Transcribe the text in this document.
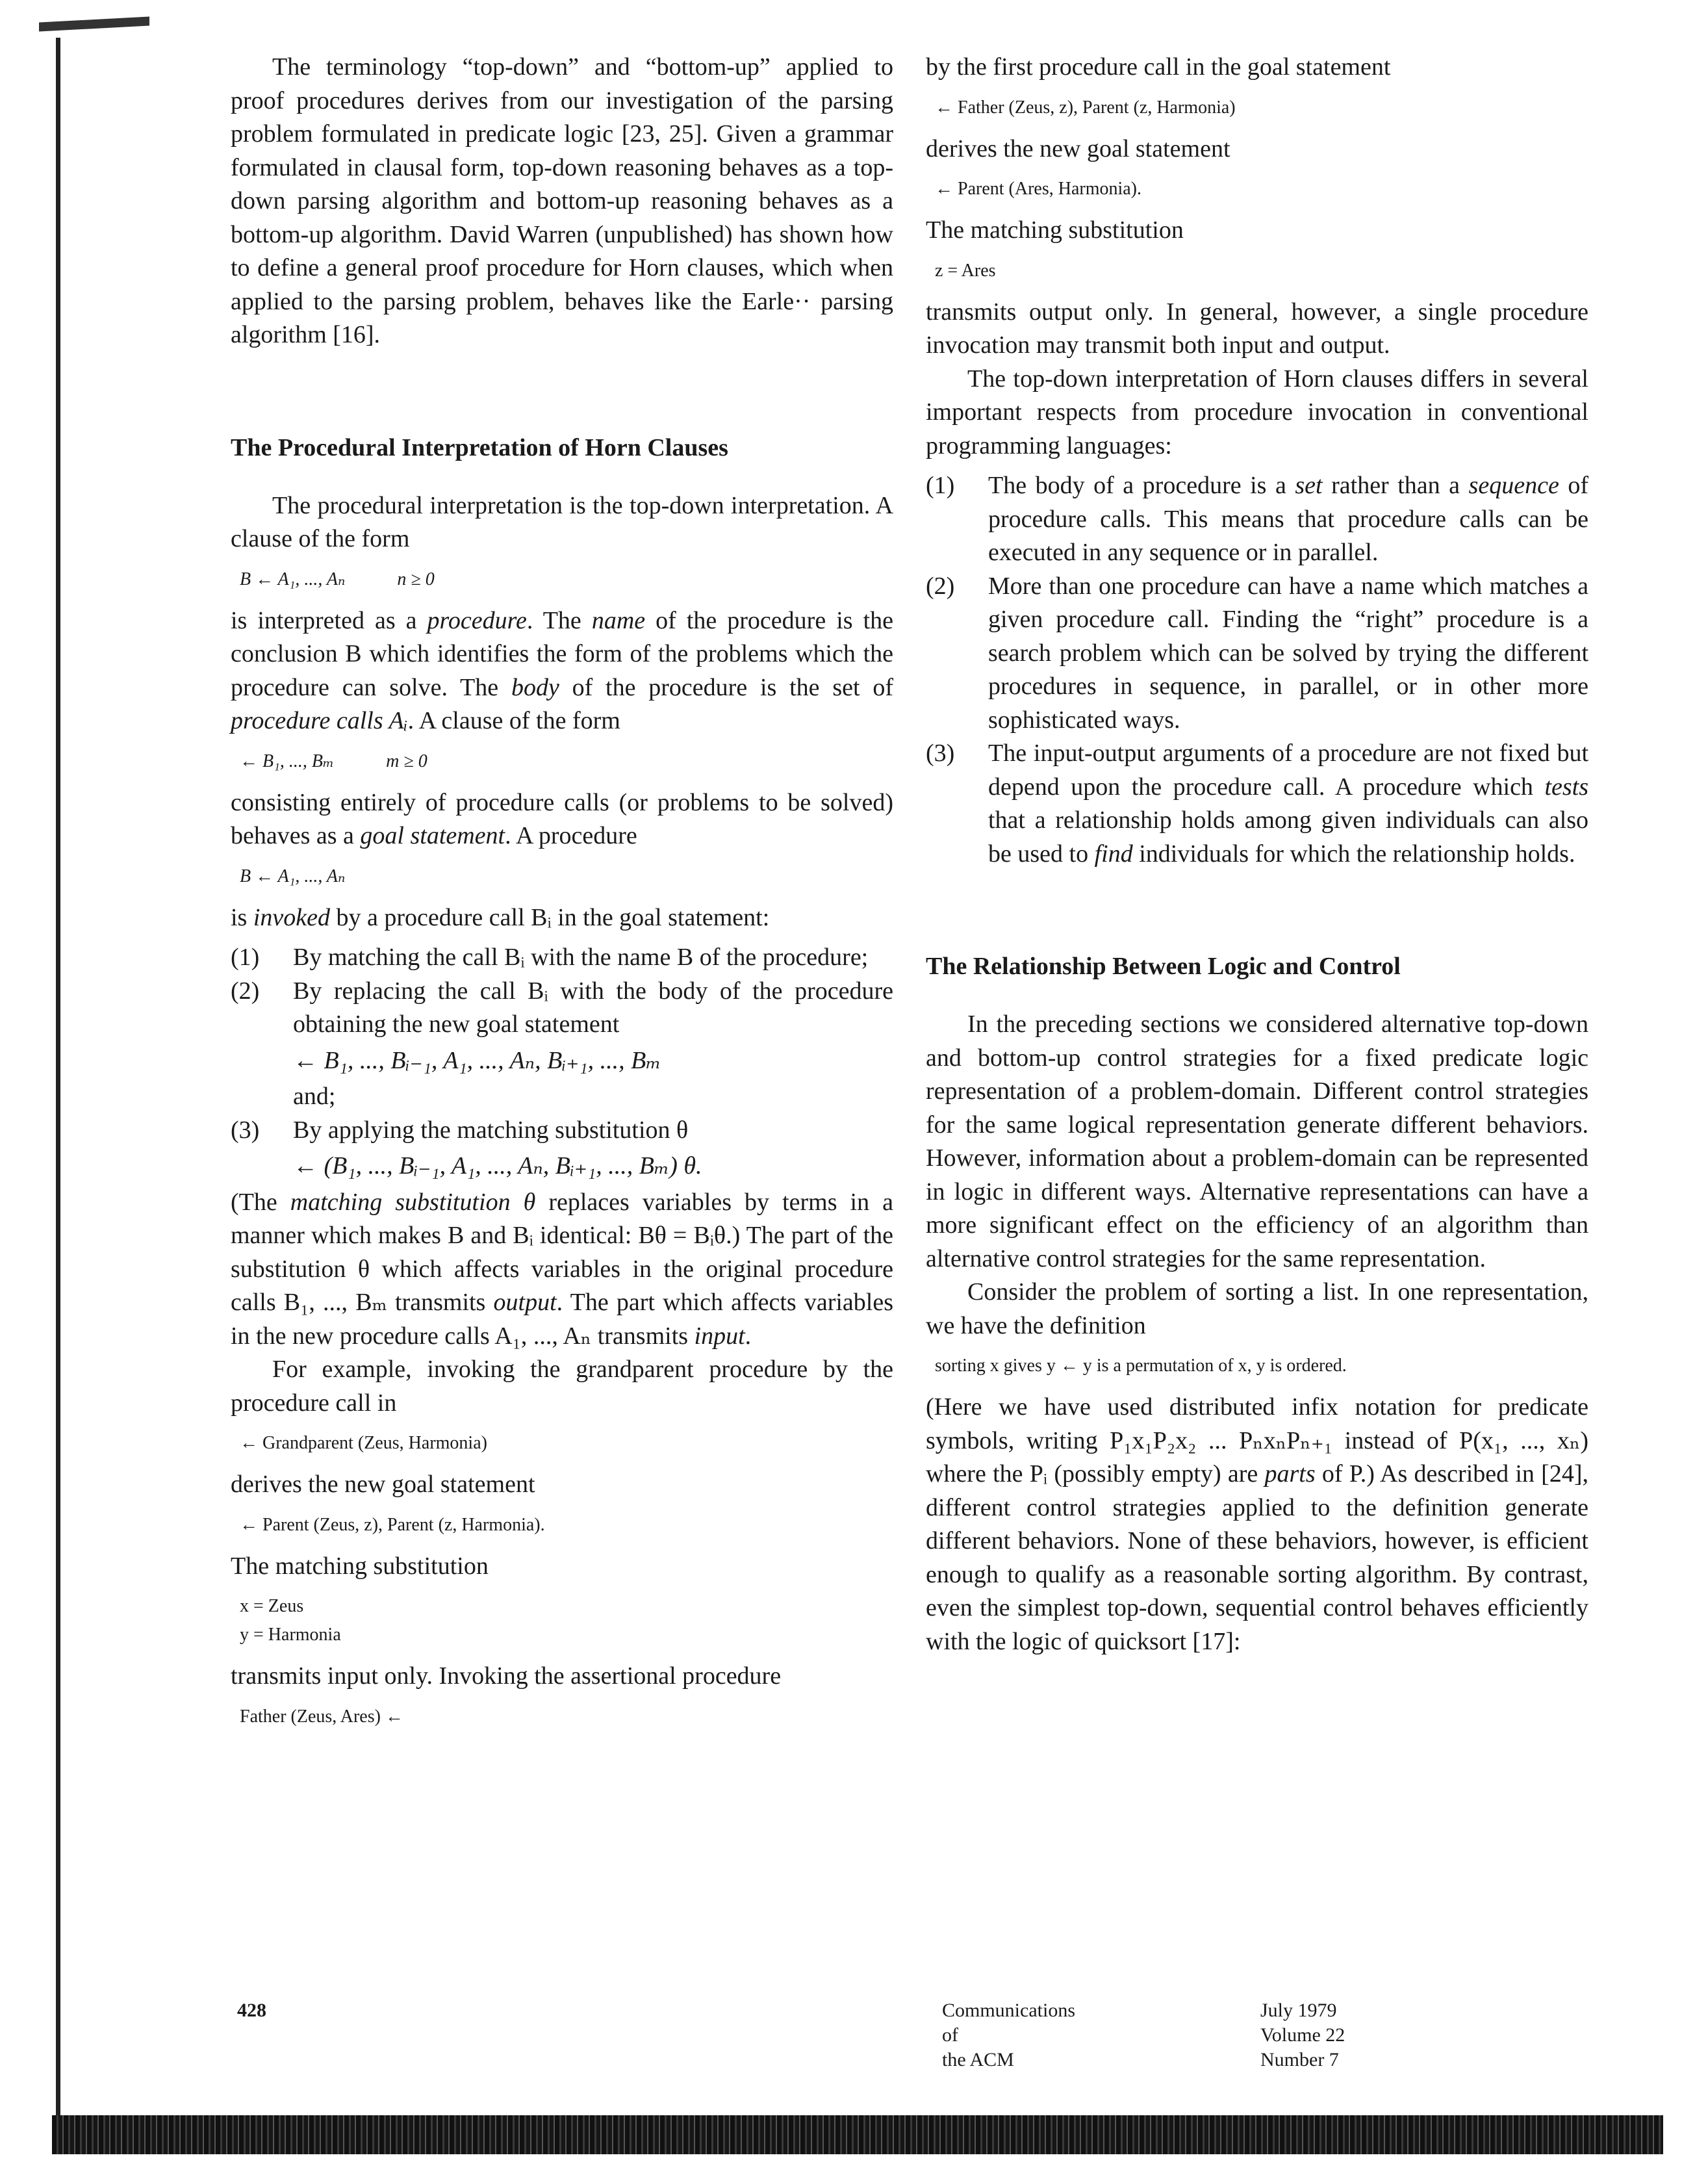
The terminology “top-down” and “bottom-up” applied to proof procedures derives from our investigation of the parsing problem formulated in predicate logic [23, 25]. Given a grammar formulated in clausal form, top-down reasoning behaves as a top-down parsing algorithm and bottom-up reasoning behaves as a bottom-up algorithm. David Warren (unpublished) has shown how to define a general proof procedure for Horn clauses, which when applied to the parsing problem, behaves like the Earle·· parsing algorithm [16].

The Procedural Interpretation of Horn Clauses

The procedural interpretation is the top-down interpretation. A clause of the form

B ← A₁, ..., Aₙ	n ≥ 0

is interpreted as a procedure. The name of the procedure is the conclusion B which identifies the form of the problems which the procedure can solve. The body of the procedure is the set of procedure calls Aᵢ. A clause of the form

← B₁, ..., Bₘ	m ≥ 0

consisting entirely of procedure calls (or problems to be solved) behaves as a goal statement. A procedure

B ← A₁, ..., Aₙ

is invoked by a procedure call Bᵢ in the goal statement:

(1) By matching the call Bᵢ with the name B of the procedure;
(2) By replacing the call Bᵢ with the body of the procedure obtaining the new goal statement
← B₁, ..., Bᵢ₋₁, A₁, ..., Aₙ, Bᵢ₊₁, ..., Bₘ
and;
(3) By applying the matching substitution θ
← (B₁, ..., Bᵢ₋₁, A₁, ..., Aₙ, Bᵢ₊₁, ..., Bₘ) θ.

(The matching substitution θ replaces variables by terms in a manner which makes B and Bᵢ identical: Bθ = Bᵢθ.) The part of the substitution θ which affects variables in the original procedure calls B₁, ..., Bₘ transmits output. The part which affects variables in the new procedure calls A₁, ..., Aₙ transmits input.

For example, invoking the grandparent procedure by the procedure call in

← Grandparent (Zeus, Harmonia)

derives the new goal statement

← Parent (Zeus, z), Parent (z, Harmonia).

The matching substitution

x = Zeus
y = Harmonia

transmits input only. Invoking the assertional procedure

Father (Zeus, Ares) ←

by the first procedure call in the goal statement

← Father (Zeus, z), Parent (z, Harmonia)

derives the new goal statement

← Parent (Ares, Harmonia).

The matching substitution

z = Ares

transmits output only. In general, however, a single procedure invocation may transmit both input and output.

The top-down interpretation of Horn clauses differs in several important respects from procedure invocation in conventional programming languages:

(1) The body of a procedure is a set rather than a sequence of procedure calls. This means that procedure calls can be executed in any sequence or in parallel.
(2) More than one procedure can have a name which matches a given procedure call. Finding the “right” procedure is a search problem which can be solved by trying the different procedures in sequence, in parallel, or in other more sophisticated ways.
(3) The input-output arguments of a procedure are not fixed but depend upon the procedure call. A procedure which tests that a relationship holds among given individuals can also be used to find individuals for which the relationship holds.
The Relationship Between Logic and Control

In the preceding sections we considered alternative top-down and bottom-up control strategies for a fixed predicate logic representation of a problem-domain. Different control strategies for the same logical representation generate different behaviors. However, information about a problem-domain can be represented in logic in different ways. Alternative representations can have a more significant effect on the efficiency of an algorithm than alternative control strategies for the same representation.

Consider the problem of sorting a list. In one representation, we have the definition

sorting x gives y ← y is a permutation of x, y is ordered.

(Here we have used distributed infix notation for predicate symbols, writing P₁x₁P₂x₂ ... PₙxₙPₙ₊₁ instead of P(x₁, ..., xₙ) where the Pᵢ (possibly empty) are parts of P.) As described in [24], different control strategies applied to the definition generate different behaviors. None of these behaviors, however, is efficient enough to qualify as a reasonable sorting algorithm. By contrast, even the simplest top-down, sequential control behaves efficiently with the logic of quicksort [17]:

428	Communications
of
the ACM
July 1979
Volume 22
Number 7
